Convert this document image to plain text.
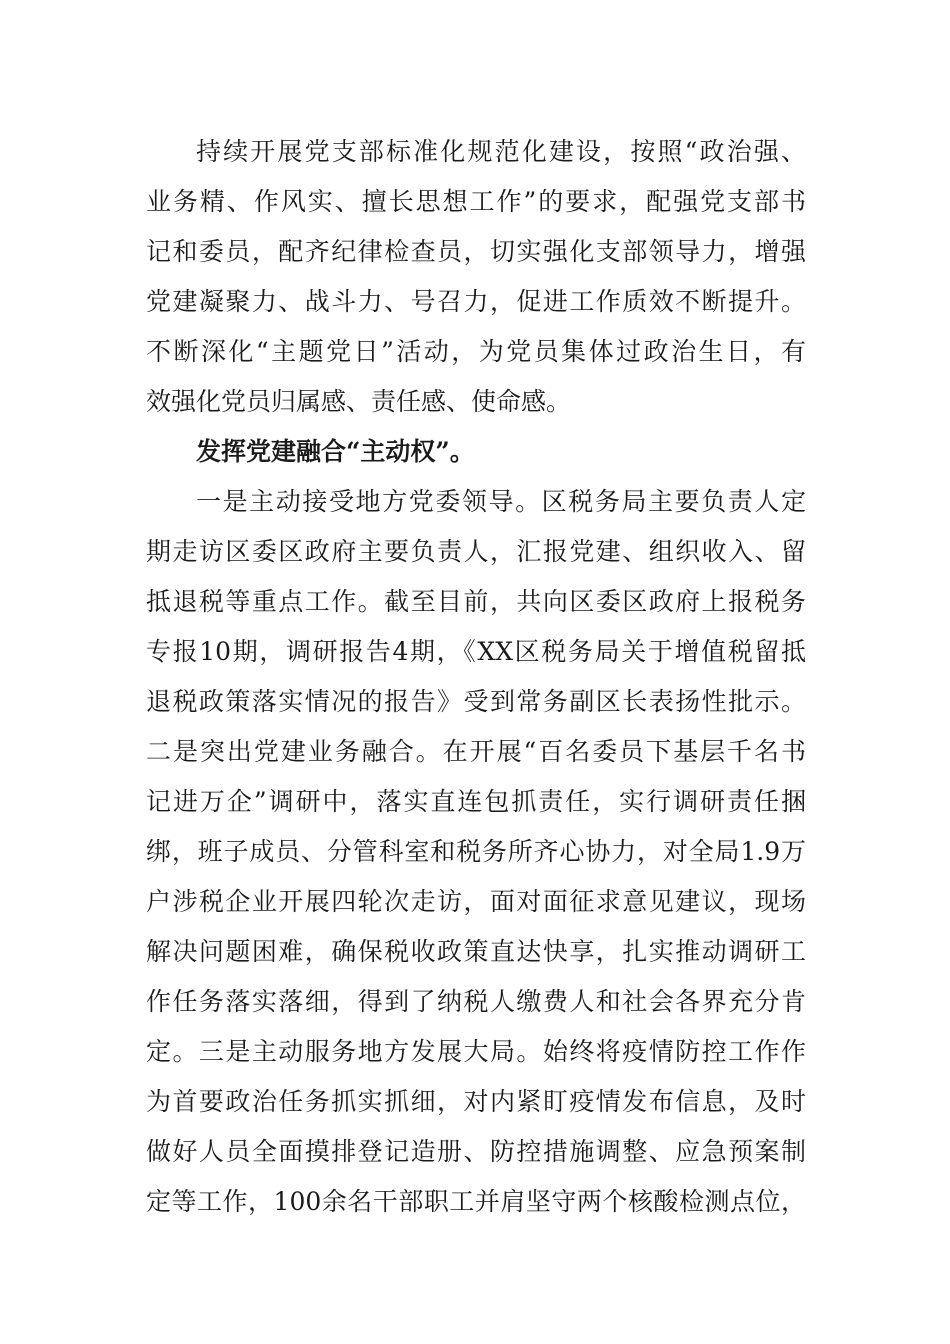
持续开展党支部标准化规范化建设，按照“政治强、
业务精、作风实、擅长思想工作”的要求，配强党支部书
记和委员，配齐纪律检查员，切实强化支部领导力，增强
党建凝聚力、战斗力、号召力，促进工作质效不断提升。
不断深化“主题党日”活动，为党员集体过政治生日，有
效强化党员归属感、责任感、使命感。
发挥党建融合“主动权”。
一是主动接受地方党委领导。区税务局主要负责人定
期走访区委区政府主要负责人，汇报党建、组织收入、留
抵退税等重点工作。截至目前，共向区委区政府上报税务
专报10期，调研报告4期，《XX区税务局关于增值税留抵
退税政策落实情况的报告》受到常务副区长表扬性批示。
二是突出党建业务融合。在开展“百名委员下基层千名书
记进万企”调研中，落实直连包抓责任，实行调研责任捆
绑，班子成员、分管科室和税务所齐心协力，对全局1.9万
户涉税企业开展四轮次走访，面对面征求意见建议，现场
解决问题困难，确保税收政策直达快享，扎实推动调研工
作任务落实落细，得到了纳税人缴费人和社会各界充分肯
定。三是主动服务地方发展大局。始终将疫情防控工作作
为首要政治任务抓实抓细，对内紧盯疫情发布信息，及时
做好人员全面摸排登记造册、防控措施调整、应急预案制
定等工作，100余名干部职工并肩坚守两个核酸检测点位，
